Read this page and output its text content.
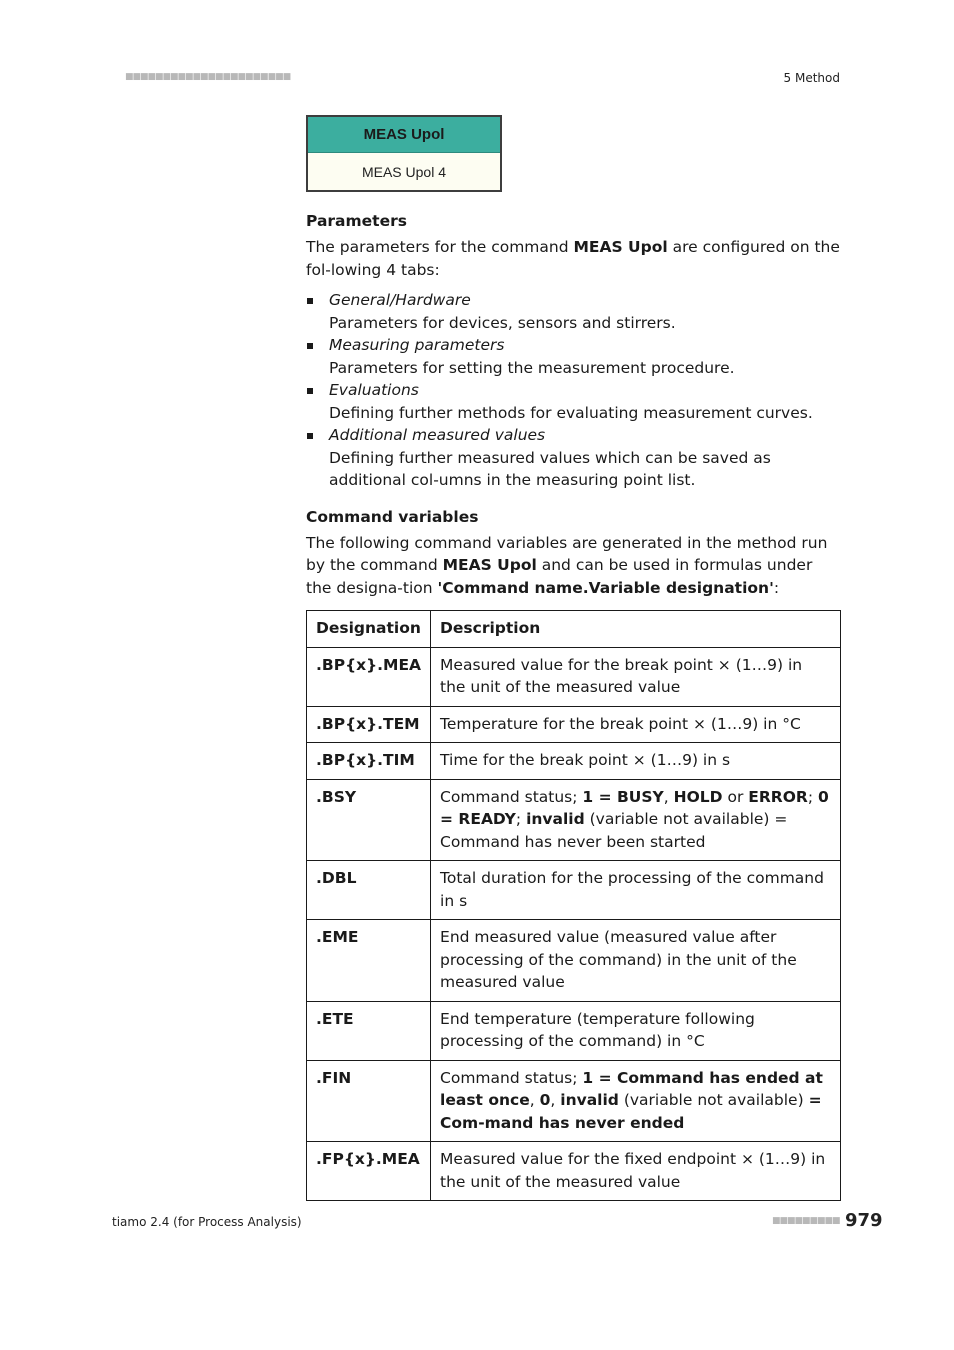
■■■■■■■■■■■■■■■■■■■■■■	5 Method
MEAS Upol
MEAS Upol 4
Parameters

The parameters for the command MEAS Upol are configured on the fol-lowing 4 tabs:

General/Hardware
Parameters for devices, sensors and stirrers.
Measuring parameters
Parameters for setting the measurement procedure.
Evaluations
Defining further methods for evaluating measurement curves.
Additional measured values
Defining further measured values which can be saved as additional col-umns in the measuring point list.
Command variables

The following command variables are generated in the method run by the command MEAS Upol and can be used in formulas under the designa-tion 'Command name.Variable designation':

Designation	Description
.BP{x}.MEA	Measured value for the break point × (1…9) in the unit of the measured value
.BP{x}.TEM	Temperature for the break point × (1…9) in °C
.BP{x}.TIM	Time for the break point × (1…9) in s
.BSY	Command status; 1 = BUSY, HOLD or ERROR; 0 = READY; invalid (variable not available) = Command has never been started
.DBL	Total duration for the processing of the command in s
.EME	End measured value (measured value after processing of the command) in the unit of the measured value
.ETE	End temperature (temperature following processing of the command) in °C
.FIN	Command status; 1 = Command has ended at least once, 0, invalid (variable not available) = Com-mand has never ended
.FP{x}.MEA	Measured value for the fixed endpoint × (1…9) in the unit of the measured value
tiamo 2.4 (for Process Analysis)	■■■■■■■■■ 979
